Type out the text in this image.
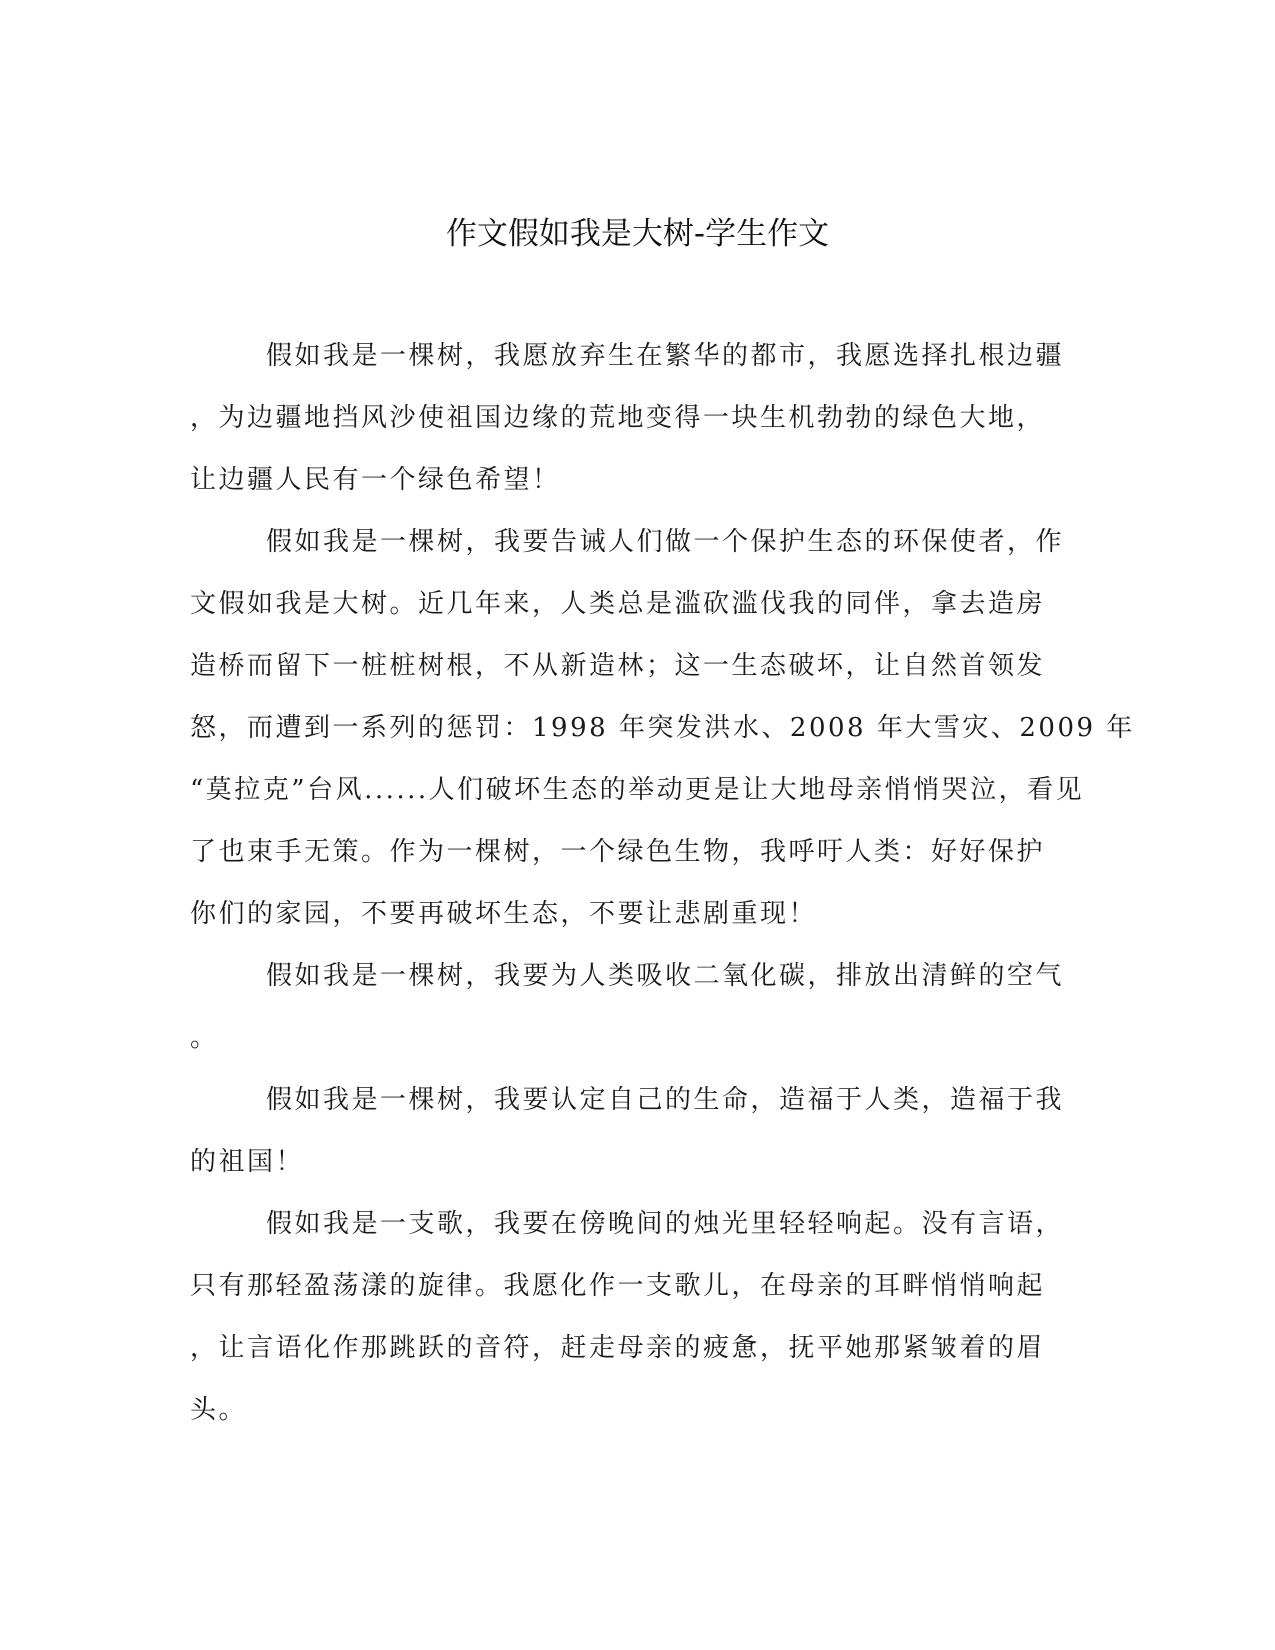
作文假如我是大树-学生作文

假如我是一棵树，我愿放弃生在繁华的都市，我愿选择扎根边疆

，为边疆地挡风沙使祖国边缘的荒地变得一块生机勃勃的绿色大地，

让边疆人民有一个绿色希望！

假如我是一棵树，我要告诫人们做一个保护生态的环保使者，作

文假如我是大树。近几年来，人类总是滥砍滥伐我的同伴，拿去造房

造桥而留下一桩桩树根，不从新造林；这一生态破坏，让自然首领发

怒，而遭到一系列的惩罚：1998 年突发洪水、2008 年大雪灾、2009 年

“莫拉克”台风......人们破坏生态的举动更是让大地母亲悄悄哭泣，看见

了也束手无策。作为一棵树，一个绿色生物，我呼吁人类：好好保护

你们的家园，不要再破坏生态，不要让悲剧重现！

假如我是一棵树，我要为人类吸收二氧化碳，排放出清鲜的空气

。

假如我是一棵树，我要认定自己的生命，造福于人类，造福于我

的祖国！

假如我是一支歌，我要在傍晚间的烛光里轻轻响起。没有言语，

只有那轻盈荡漾的旋律。我愿化作一支歌儿，在母亲的耳畔悄悄响起

，让言语化作那跳跃的音符，赶走母亲的疲惫，抚平她那紧皱着的眉

头。
